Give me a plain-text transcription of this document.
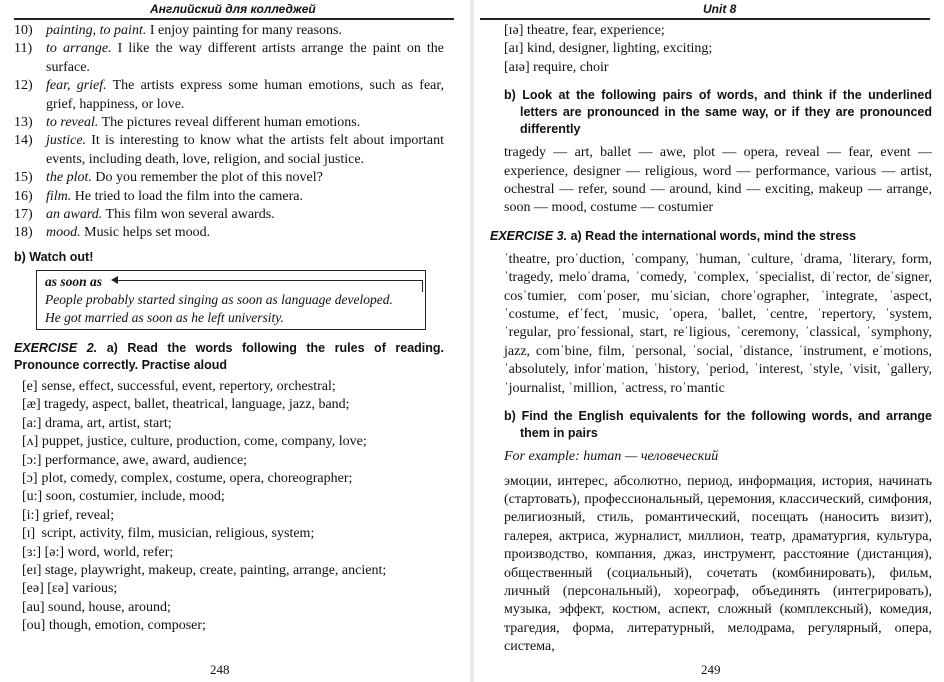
Английский для колледжей
10) painting, to paint. I enjoy painting for many reasons.
11) to arrange. I like the way different artists arrange the paint on the surface.
12) fear, grief. The artists express some human emotions, such as fear, grief, happiness, or love.
13) to reveal. The pictures reveal different human emotions.
14) justice. It is interesting to know what the artists felt about important events, including death, love, religion, and social justice.
15) the plot. Do you remember the plot of this novel?
16) film. He tried to load the film into the camera.
17) an award. This film won several awards.
18) mood. Music helps set mood.
b) Watch out!
as soon as
People probably started singing as soon as language developed.
He got married as soon as he left university.
EXERCISE 2. a) Read the words following the rules of reading. Pronounce correctly. Practise aloud
[e] sense, effect, successful, event, repertory, orchestral;
[æ] tragedy, aspect, ballet, theatrical, language, jazz, band;
[a:] drama, art, artist, start;
[ʌ] puppet, justice, culture, production, come, company, love;
[ɔ:] performance, awe, award, audience;
[ɔ] plot, comedy, complex, costume, opera, choreographer;
[u:] soon, costumier, include, mood;
[i:] grief, reveal;
[ɪ] script, activity, film, musician, religious, system;
[ɜ:] [ə:] word, world, refer;
[eɪ] stage, playwright, makeup, create, painting, arrange, ancient;
[eə] [ɛə] various;
[au] sound, house, around;
[ou] though, emotion, composer;
248
Unit 8
[ɪə] theatre, fear, experience;
[aɪ] kind, designer, lighting, exciting;
[aɪə] require, choir
b) Look at the following pairs of words, and think if the underlined letters are pronounced in the same way, or if they are pronounced differently
tragedy — art, ballet — awe, plot — opera, reveal — fear, event — experience, designer — religious, word — performance, various — artist, ochestral — refer, sound — around, kind — exciting, makeup — arrange, soon — mood, costume — costumier
EXERCISE 3. a) Read the international words, mind the stress
ˈtheatre, proˈduction, ˈcompany, ˈhuman, ˈculture, ˈdrama, ˈliterary, form, ˈtragedy, meloˈdrama, ˈcomedy, ˈcomplex, ˈspecialist, diˈrector, deˈsigner, cosˈtumier, comˈposer, muˈsician, choreˈographer, ˈintegrate, ˈaspect, ˈcostume, efˈfect, ˈmusic, ˈopera, ˈballet, ˈcentre, ˈrepertory, ˈsystem, ˈregular, proˈfessional, start, reˈligious, ˈceremony, ˈclassical, ˈsymphony, jazz, comˈbine, film, ˈpersonal, ˈsocial, ˈdistance, ˈinstrument, eˈmotions, ˈabsolutely, inforˈmation, ˈhistory, ˈperiod, ˈinterest, ˈstyle, ˈvisit, ˈgallery, ˈjournalist, ˈmillion, ˈactress, roˈmantic
b) Find the English equivalents for the following words, and arrange them in pairs
For example: human — человеческий
эмоции, интерес, абсолютно, период, информация, история, начинать (стартовать), профессиональный, церемония, классический, симфония, религиозный, стиль, романтический, посещать (наносить визит), галерея, актриса, журналист, миллион, театр, драматургия, культура, производство, компания, джаз, инструмент, расстояние (дистанция), общественный (социальный), сочетать (комбинировать), фильм, личный (персональный), хореограф, объединять (интегрировать), музыка, эффект, костюм, аспект, сложный (комплексный), комедия, трагедия, форма, литературный, мелодрама, регулярный, опера, система,
249
